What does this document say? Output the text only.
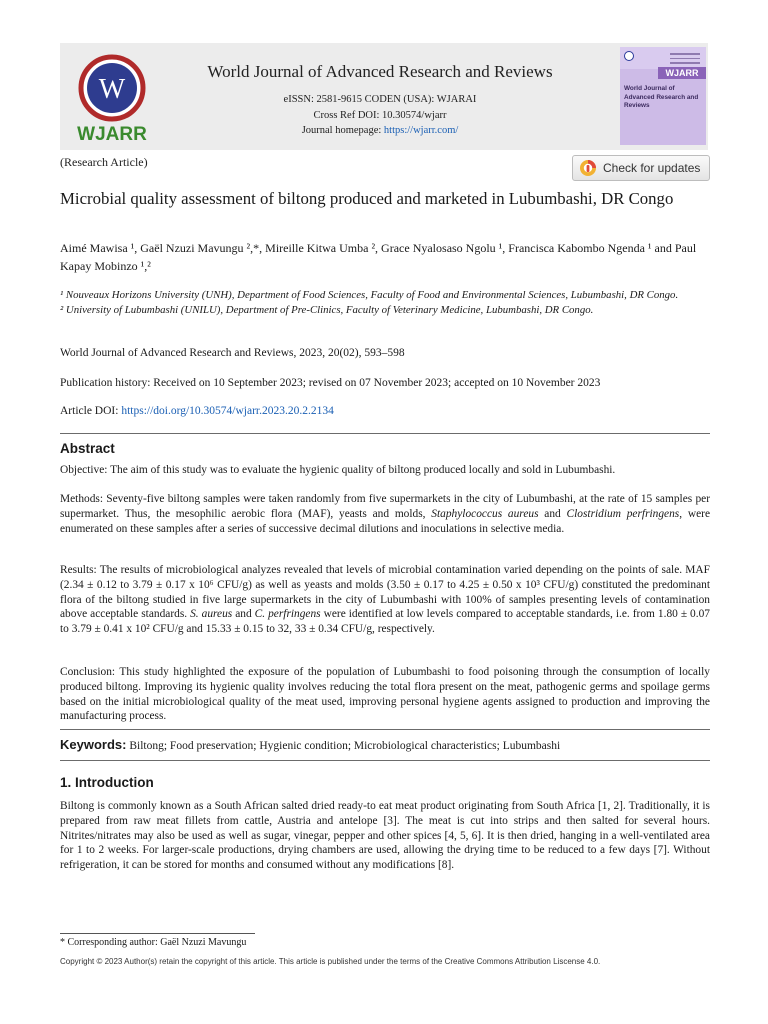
W
WJARR
World Journal of Advanced Research and Reviews
eISSN: 2581-9615 CODEN (USA): WJARAI
Cross Ref DOI: 10.30574/wjarr
Journal homepage: https://wjarr.com/
WJARR
World Journal of Advanced Research and Reviews
(Research Article)	Check for updates
Microbial quality assessment of biltong produced and marketed in Lubumbashi, DR Congo
Aimé Mawisa ¹, Gaël Nzuzi Mavungu ²,*, Mireille Kitwa Umba ², Grace Nyalosaso Ngolu ¹, Francisca Kabombo Ngenda ¹ and Paul Kapay Mobinzo ¹,²
¹ Nouveaux Horizons University (UNH), Department of Food Sciences, Faculty of Food and Environmental Sciences, Lubumbashi, DR Congo.
² University of Lubumbashi (UNILU), Department of Pre-Clinics, Faculty of Veterinary Medicine, Lubumbashi, DR Congo.
World Journal of Advanced Research and Reviews, 2023, 20(02), 593–598
Publication history: Received on 10 September 2023; revised on 07 November 2023; accepted on 10 November 2023
Article DOI: https://doi.org/10.30574/wjarr.2023.20.2.2134
Abstract
Objective: The aim of this study was to evaluate the hygienic quality of biltong produced locally and sold in Lubumbashi.
Methods: Seventy-five biltong samples were taken randomly from five supermarkets in the city of Lubumbashi, at the rate of 15 samples per supermarket. Thus, the mesophilic aerobic flora (MAF), yeasts and molds, Staphylococcus aureus and Clostridium perfringens, were enumerated on these samples after a series of successive decimal dilutions and inoculations in selective media.
Results: The results of microbiological analyzes revealed that levels of microbial contamination varied depending on the points of sale. MAF (2.34 ± 0.12 to 3.79 ± 0.17 x 10⁶ CFU/g) as well as yeasts and molds (3.50 ± 0.17 to 4.25 ± 0.50 x 10³ CFU/g) constituted the predominant flora of the biltong studied in five large supermarkets in the city of Lubumbashi with 100% of samples presenting levels of contamination above acceptable standards. S. aureus and C. perfringens were identified at low levels compared to acceptable standards, i.e. from 1.80 ± 0.07 to 3.79 ± 0.41 x 10² CFU/g and 15.33 ± 0.15 to 32, 33 ± 0.34 CFU/g, respectively.
Conclusion: This study highlighted the exposure of the population of Lubumbashi to food poisoning through the consumption of locally produced biltong. Improving its hygienic quality involves reducing the total flora present on the meat, pathogenic germs and spoilage germs based on the initial microbiological quality of the meat used, improving personal hygiene agents assigned to production and improving the manufacturing process.
Keywords: Biltong; Food preservation; Hygienic condition; Microbiological characteristics; Lubumbashi
1. Introduction
Biltong is commonly known as a South African salted dried ready-to eat meat product originating from South Africa [1, 2]. Traditionally, it is prepared from raw meat fillets from cattle, Austria and antelope [3]. The meat is cut into strips and then salted for several hours. Nitrites/nitrates may also be used as well as sugar, vinegar, pepper and other spices [4, 5, 6]. It is then dried, hanging in a well-ventilated area for 1 to 2 weeks. For larger-scale productions, drying chambers are used, allowing the drying time to be reduced to a few days [7]. Without refrigeration, it can be stored for months and consumed without any modifications [8].
* Corresponding author: Gaël Nzuzi Mavungu
Copyright © 2023 Author(s) retain the copyright of this article. This article is published under the terms of the Creative Commons Attribution Liscense 4.0.
